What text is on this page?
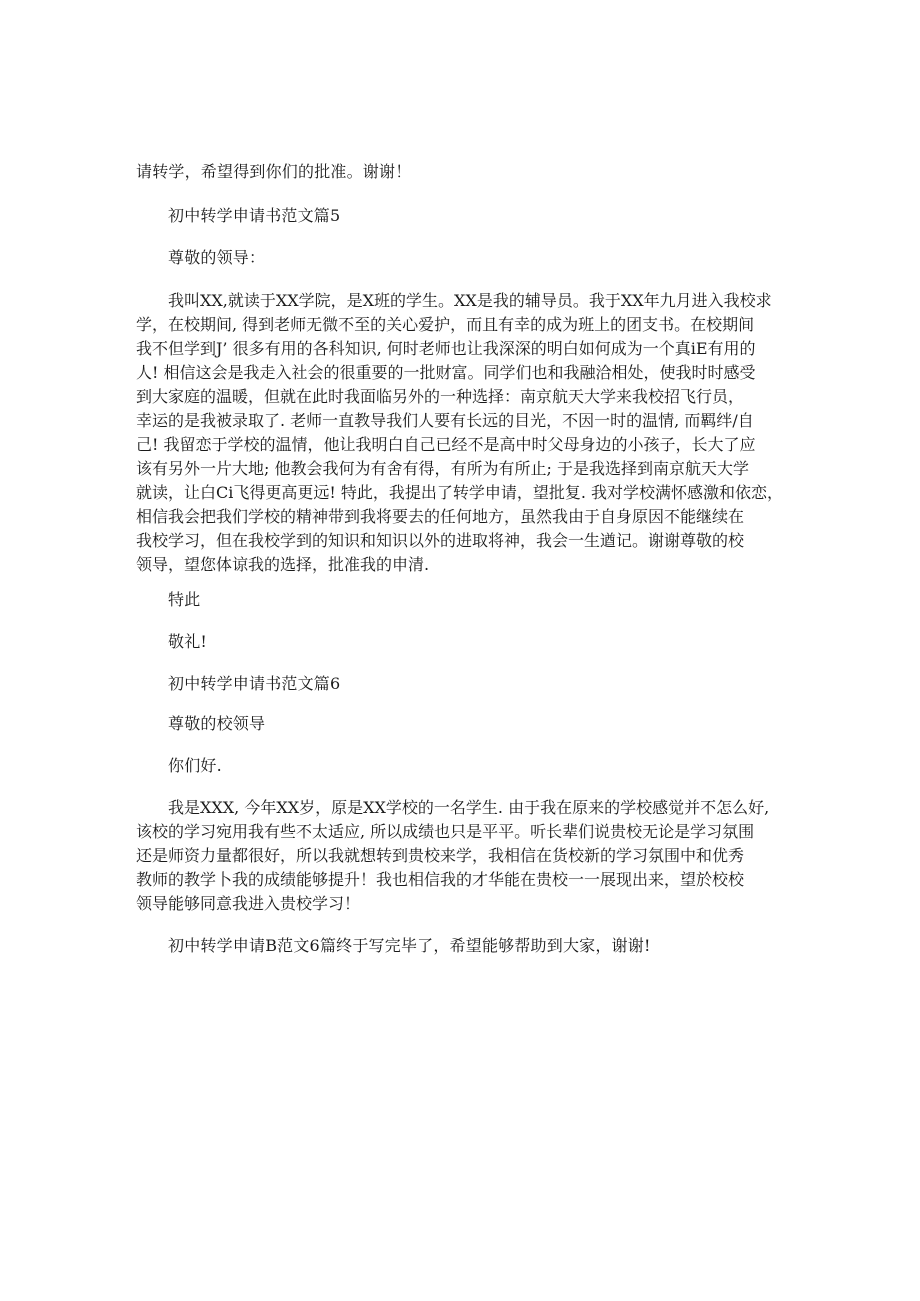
请转学，希望得到你们的批准。谢谢！
初中转学申请书范文篇5
尊敬的领导：
我叫XX,就读于XX学院，是X班的学生。XX是我的辅导员。我于XX年九月进入我校求
学，在校期间, 得到老师无微不至的关心爱护，而且有幸的成为班上的团支书。在校期间
我不但学到J’ 很多有用的各科知识, 何时老师也让我深深的明白如何成为一个真iE有用的
人! 相信这会是我走入社会的很重要的一批财富。同学们也和我融洽相处，使我时时感受
到大家庭的温暖，但就在此时我面临另外的一种选择：南京航天大学来我校招飞行员，
幸运的是我被录取了. 老师一直教导我们人要有长远的目光，不因一时的温情, 而羁绊/自
己! 我留恋于学校的温情，他让我明白自己已经不是高中时父母身边的小孩子，长大了应
该有另外一片大地; 他教会我何为有舍有得，有所为有所止; 于是我选择到南京航天大学
就读，让白Ci飞得更高更远! 特此，我提出了转学申请，望批复. 我对学校满怀感激和依恋，
相信我会把我们学校的精神带到我将要去的任何地方，虽然我由于自身原因不能继续在
我校学习，但在我校学到的知识和知识以外的进取将神，我会一生遒记。谢谢尊敬的校
领导，望您体谅我的选择，批准我的申清.
特此
敬礼!
初中转学申请书范文篇6
尊敬的校领导
你们好.
我是XXX, 今年XX岁，原是XX学校的一名学生. 由于我在原来的学校感觉并不怎么好,
该校的学习宛用我有些不太适应, 所以成绩也只是平平。听长辈们说贵校无论是学习氛围
还是师资力量都很好，所以我就想转到贵校来学，我相信在货校新的学习氛围中和优秀
教师的教学卜我的成绩能够提升！我也相信我的才华能在贵校一一展现出来，望於校校
领导能够同意我进入贵校学习！
初中转学申请B范文6篇终于写完毕了，希望能够帮助到大家，谢谢!
